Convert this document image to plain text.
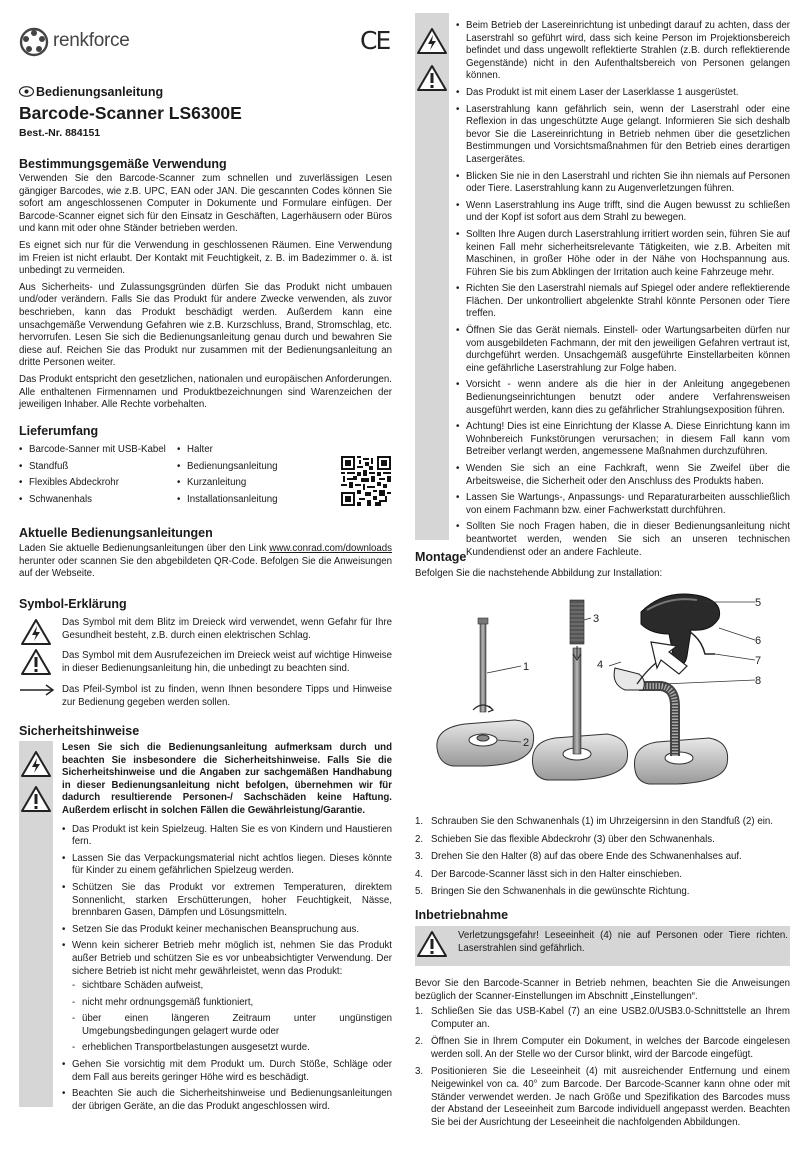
renkforce	CE
Bedienungsanleitung
Barcode-Scanner LS6300E
Best.-Nr. 884151
Bestimmungsgemäße Verwendung

Verwenden Sie den Barcode-Scanner zum schnellen und zuverlässigen Lesen gängiger Barcodes, wie z.B. UPC, EAN oder JAN. Die gescannten Codes können Sie sofort am angeschlossenen Computer in Dokumente und Formulare einfügen. Der Barcode-Scanner eignet sich für den Einsatz in Geschäften, Lagerhäusern oder Büros und kann mit oder ohne Ständer betrieben werden.

Es eignet sich nur für die Verwendung in geschlossenen Räumen. Eine Verwendung im Freien ist nicht erlaubt. Der Kontakt mit Feuchtigkeit, z. B. im Badezimmer o. ä. ist unbedingt zu vermeiden.

Aus Sicherheits- und Zulassungsgründen dürfen Sie das Produkt nicht umbauen und/oder verändern. Falls Sie das Produkt für andere Zwecke verwenden, als zuvor beschrieben, kann das Produkt beschädigt werden. Außerdem kann eine unsachgemäße Verwendung Gefahren wie z.B. Kurzschluss, Brand, Stromschlag, etc. hervorrufen. Lesen Sie sich die Bedienungsanleitung genau durch und bewahren Sie diese auf. Reichen Sie das Produkt nur zusammen mit der Bedienungsanleitung an dritte Personen weiter.

Das Produkt entspricht den gesetzlichen, nationalen und europäischen Anforderungen. Alle enthaltenen Firmennamen und Produktbezeichnungen sind Warenzeichen der jeweiligen Inhaber. Alle Rechte vorbehalten.

Lieferumfang
• Barcode-Sanner mit USB-Kabel
• Standfuß
• Flexibles Abdeckrohr
• Schwanenhals
• Halter
• Bedienungsanleitung
• Kurzanleitung
• Installationsanleitung
Aktuelle Bedienungsanleitungen

Laden Sie aktuelle Bedienungsanleitungen über den Link www.conrad.com/downloads herunter oder scannen Sie den abgebildeten QR-Code. Befolgen Sie die Anweisungen auf der Webseite.

Symbol-Erklärung

Das Symbol mit dem Blitz im Dreieck wird verwendet, wenn Gefahr für Ihre Gesundheit besteht, z.B. durch einen elektrischen Schlag.

Das Symbol mit dem Ausrufezeichen im Dreieck weist auf wichtige Hinweise in dieser Bedienungsanleitung hin, die unbedingt zu beachten sind.

Das Pfeil-Symbol ist zu finden, wenn Ihnen besondere Tipps und Hinweise zur Bedienung gegeben werden sollen.

Sicherheitshinweise

Lesen Sie sich die Bedienungsanleitung aufmerksam durch und beachten Sie insbesondere die Sicherheitshinweise. Falls Sie die Sicherheitshinweise und die Angaben zur sachgemäßen Handhabung in dieser Bedienungsanleitung nicht befolgen, übernehmen wir für dadurch resultierende Personen-/ Sachschäden keine Haftung. Außerdem erlischt in solchen Fällen die Gewährleistung/Garantie.

• Das Produkt ist kein Spielzeug. Halten Sie es von Kindern und Haustieren fern.
• Lassen Sie das Verpackungsmaterial nicht achtlos liegen. Dieses könnte für Kinder zu einem gefährlichen Spielzeug werden.
• Schützen Sie das Produkt vor extremen Temperaturen, direktem Sonnenlicht, starken Erschütterungen, hoher Feuchtigkeit, Nässe, brennbaren Gasen, Dämpfen und Lösungsmitteln.
• Setzen Sie das Produkt keiner mechanischen Beanspruchung aus.
• Wenn kein sicherer Betrieb mehr möglich ist, nehmen Sie das Produkt außer Betrieb und schützen Sie es vor unbeabsichtigter Verwendung. Der sichere Betrieb ist nicht mehr gewährleistet, wenn das Produkt:
- sichtbare Schäden aufweist,
- nicht mehr ordnungsgemäß funktioniert,
- über einen längeren Zeitraum unter ungünstigen Umgebungsbedingungen gelagert wurde oder
- erheblichen Transportbelastungen ausgesetzt wurde.
• Gehen Sie vorsichtig mit dem Produkt um. Durch Stöße, Schläge oder dem Fall aus bereits geringer Höhe wird es beschädigt.
• Beachten Sie auch die Sicherheitshinweise und Bedienungsanleitungen der übrigen Geräte, an die das Produkt angeschlossen wird.
• Beim Betrieb der Lasereinrichtung ist unbedingt darauf zu achten, dass der Laserstrahl so geführt wird, dass sich keine Person im Projektionsbereich befindet und dass ungewollt reflektierte Strahlen (z.B. durch reflektierende Gegenstände) nicht in den Aufenthaltsbereich von Personen gelangen können.
• Das Produkt ist mit einem Laser der Laserklasse 1 ausgerüstet.
• Laserstrahlung kann gefährlich sein, wenn der Laserstrahl oder eine Reflexion in das ungeschützte Auge gelangt. Informieren Sie sich deshalb bevor Sie die Lasereinrichtung in Betrieb nehmen über die gesetzlichen Bestimmungen und Vorsichtsmaßnahmen für den Betrieb eines derartigen Lasergerätes.
• Blicken Sie nie in den Laserstrahl und richten Sie ihn niemals auf Personen oder Tiere. Laserstrahlung kann zu Augenverletzungen führen.
• Wenn Laserstrahlung ins Auge trifft, sind die Augen bewusst zu schließen und der Kopf ist sofort aus dem Strahl zu bewegen.
• Sollten Ihre Augen durch Laserstrahlung irritiert worden sein, führen Sie auf keinen Fall mehr sicherheitsrelevante Tätigkeiten, wie z.B. Arbeiten mit Maschinen, in großer Höhe oder in der Nähe von Hochspannung aus. Führen Sie bis zum Abklingen der Irritation auch keine Fahrzeuge mehr.
• Richten Sie den Laserstrahl niemals auf Spiegel oder andere reflektierende Flächen. Der unkontrolliert abgelenkte Strahl könnte Personen oder Tiere treffen.
• Öffnen Sie das Gerät niemals. Einstell- oder Wartungsarbeiten dürfen nur vom ausgebildeten Fachmann, der mit den jeweiligen Gefahren vertraut ist, durchgeführt werden. Unsachgemäß ausgeführte Einstellarbeiten können eine gefährliche Laserstrahlung zur Folge haben.
• Vorsicht - wenn andere als die hier in der Anleitung angegebenen Bedienungseinrichtungen benutzt oder andere Verfahrensweisen ausgeführt werden, kann dies zu gefährlicher Strahlungsexposition führen.
• Achtung! Dies ist eine Einrichtung der Klasse A. Diese Einrichtung kann im Wohnbereich Funkstörungen verursachen; in diesem Fall kann vom Betreiber verlangt werden, angemessene Maßnahmen durchzuführen.
• Wenden Sie sich an eine Fachkraft, wenn Sie Zweifel über die Arbeitsweise, die Sicherheit oder den Anschluss des Produkts haben.
• Lassen Sie Wartungs-, Anpassungs- und Reparaturarbeiten ausschließlich von einem Fachmann bzw. einer Fachwerkstatt durchführen.
• Sollten Sie noch Fragen haben, die in dieser Bedienungsanleitung nicht beantwortet werden, wenden Sie sich an unseren technischen Kundendienst oder an andere Fachleute.
Montage

Befolgen Sie die nachstehende Abbildung zur Installation:

1
2
3
4
5
6
7
8
1. Schrauben Sie den Schwanenhals (1) im Uhrzeigersinn in den Standfuß (2) ein.
2. Schieben Sie das flexible Abdeckrohr (3) über den Schwanenhals.
3. Drehen Sie den Halter (8) auf das obere Ende des Schwanenhalses auf.
4. Der Barcode-Scanner lässt sich in den Halter einschieben.
5. Bringen Sie den Schwanenhals in die gewünschte Richtung.
Inbetriebnahme

Verletzungsgefahr! Leseeinheit (4) nie auf Personen oder Tiere richten. Laserstrahlen sind gefährlich.

Bevor Sie den Barcode-Scanner in Betrieb nehmen, beachten Sie die Anweisungen bezüglich der Scanner-Einstellungen im Abschnitt „Einstellungen“.

1. Schließen Sie das USB-Kabel (7) an eine USB2.0/USB3.0-Schnittstelle an Ihrem Computer an.
2. Öffnen Sie in Ihrem Computer ein Dokument, in welches der Barcode eingelesen werden soll. An der Stelle wo der Cursor blinkt, wird der Barcode eingefügt.
3. Positionieren Sie die Leseeinheit (4) mit ausreichender Entfernung und einem Neigewinkel von ca. 40° zum Barcode. Der Barcode-Scanner kann ohne oder mit Ständer verwendet werden. Je nach Größe und Spezifikation des Barcodes muss der Abstand der Leseeinheit zum Barcode individuell angepasst werden. Beachten Sie bei der Ausrichtung der Leseeinheit die nachfolgenden Abbildungen.
